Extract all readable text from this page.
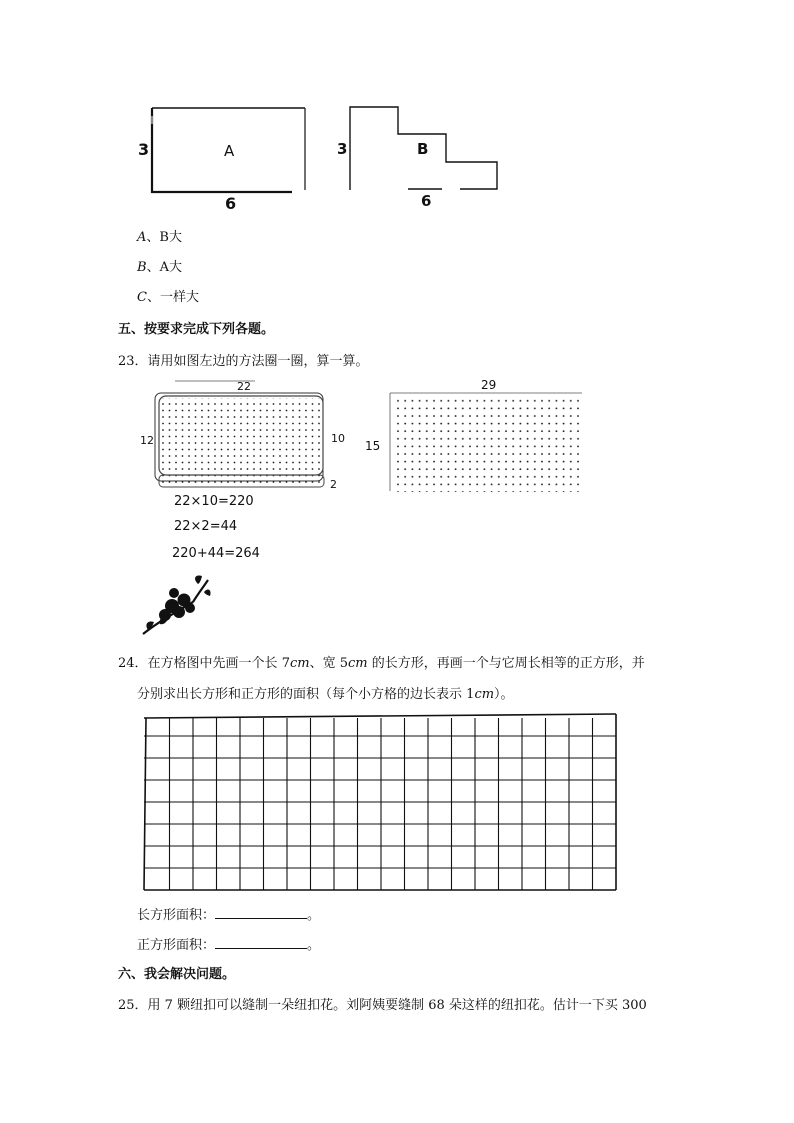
3	A
6
3	B
6
A、B大
B、A大
C、一样大
五、按要求完成下列各题。
23．请用如图左边的方法圈一圈，算一算。
22
12	10
2
29
15
22×10=220
22×2=44
220+44=264
24．在方格图中先画一个长 7cm、宽 5cm 的长方形，再画一个与它周长相等的正方形，并
分别求出长方形和正方形的面积（每个小方格的边长表示 1cm）。
长方形面积：	。
正方形面积：	。
六、我会解决问题。
25．用 7 颗纽扣可以缝制一朵纽扣花。刘阿姨要缝制 68 朵这样的纽扣花。估计一下买 300
